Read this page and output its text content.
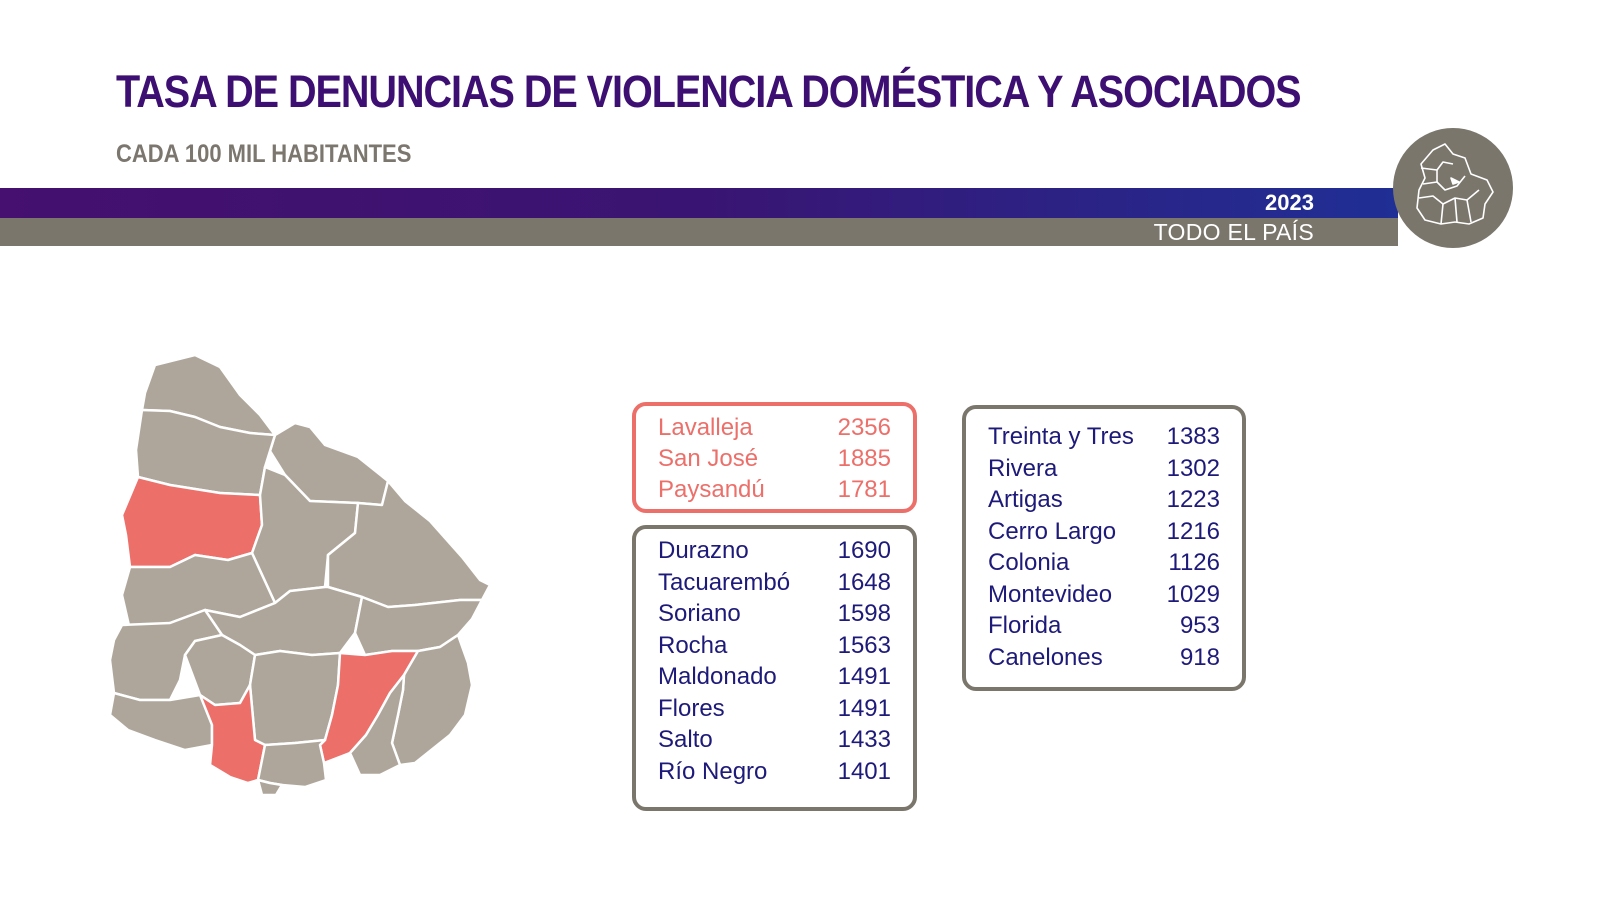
TASA DE DENUNCIAS DE VIOLENCIA DOMÉSTICA Y ASOCIADOS
CADA 100 MIL HABITANTES
2023
TODO EL PAÍS
Lavalleja	2356
San José	1885
Paysandú	1781
Durazno	1690
Tacuarembó 1648
Soriano	1598
Rocha	1563
Maldonado	1491
Flores	1491
Salto	1433
Río Negro	1401
Treinta y Tres 1383
Rivera	1302
Artigas	1223
Cerro Largo 1216
Colonia	1126
Montevideo 1029
Florida	953
Canelones	918
